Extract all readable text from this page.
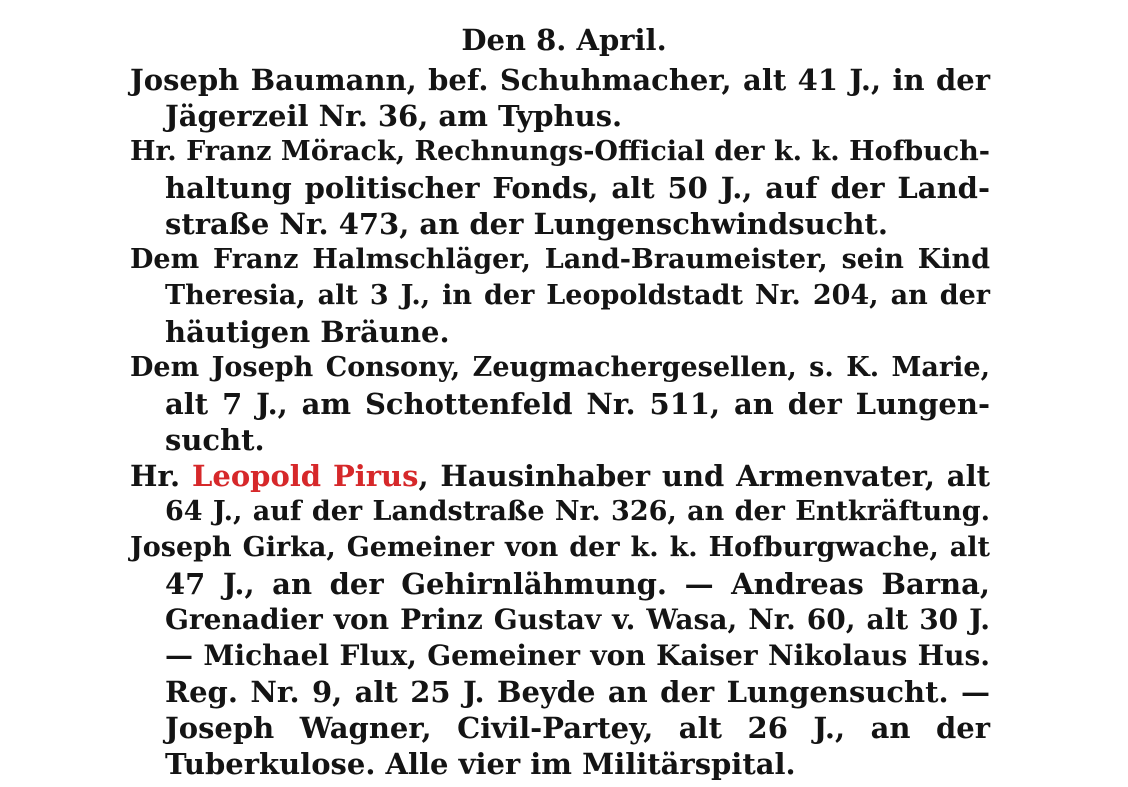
Den 8. April.
Joseph Baumann, bef. Schuhmacher, alt 41 J., in der
Jägerzeil Nr. 36, am Typhus.
Hr. Franz Mörack, Rechnungs-Official der k. k. Hofbuch-
haltung politischer Fonds, alt 50 J., auf der Land-
straße Nr. 473, an der Lungenschwindsucht.
Dem Franz Halmschläger, Land-Braumeister, sein Kind
Theresia, alt 3 J., in der Leopoldstadt Nr. 204, an der
häutigen Bräune.
Dem Joseph Consony, Zeugmachergesellen, s. K. Marie,
alt 7 J., am Schottenfeld Nr. 511, an der Lungen-
sucht.
Hr. Leopold Pirus, Hausinhaber und Armenvater, alt
64 J., auf der Landstraße Nr. 326, an der Entkräftung.
Joseph Girka, Gemeiner von der k. k. Hofburgwache, alt
47 J., an der Gehirnlähmung. — Andreas Barna,
Grenadier von Prinz Gustav v. Wasa, Nr. 60, alt 30 J.
— Michael Flux, Gemeiner von Kaiser Nikolaus Hus.
Reg. Nr. 9, alt 25 J. Beyde an der Lungensucht. —
Joseph Wagner, Civil-Partey, alt 26 J., an der
Tuberkulose. Alle vier im Militärspital.
